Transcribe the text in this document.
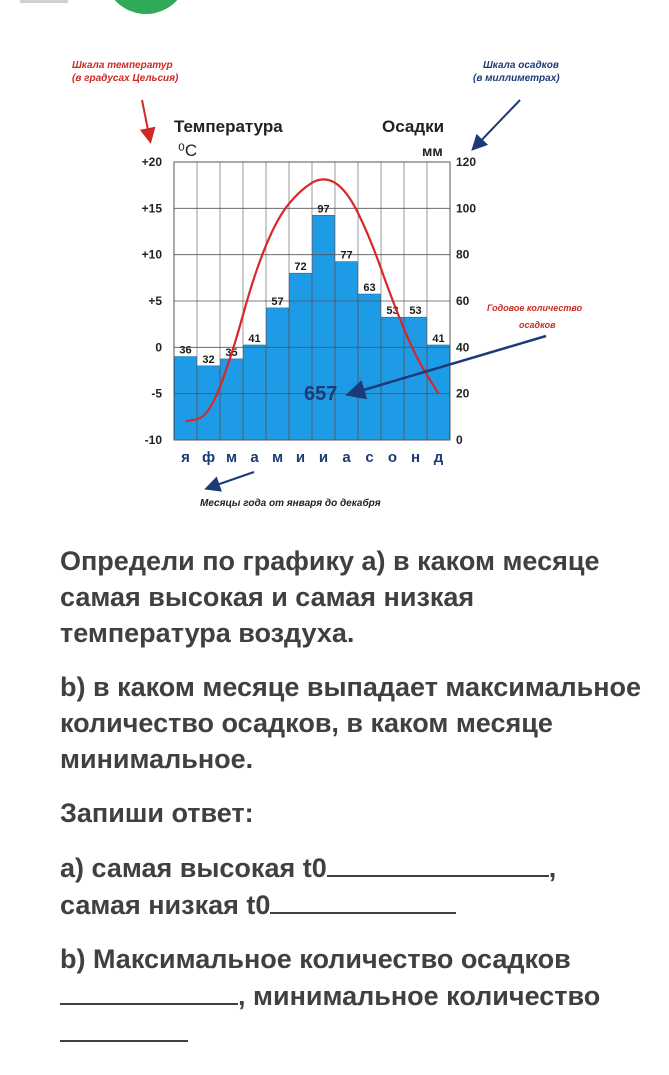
36
32
35
41
57
72
97
77
63
53 53
41
+20
+15
+10
+5
0
-5
-10
120
100
80
60
40
20
0
я ф м а м и и а с о н д
Температура
⁰С
Осадки
мм
Шкала температур
(в градусах Цельсия)
Шкала осадков
(в миллиметрах)
Годовое количество
осадков
657
Месяцы года от января до декабря

Определи по графику а) в каком месяце самая высокая и самая низкая температура воздуха.

b) в каком месяце выпадает максимальное количество осадков, в каком месяце минимальное.

Запиши ответ:

а) самая высокая t0	,
самая низкая t0

b) Максимальное количество осадков, минимальное количество
